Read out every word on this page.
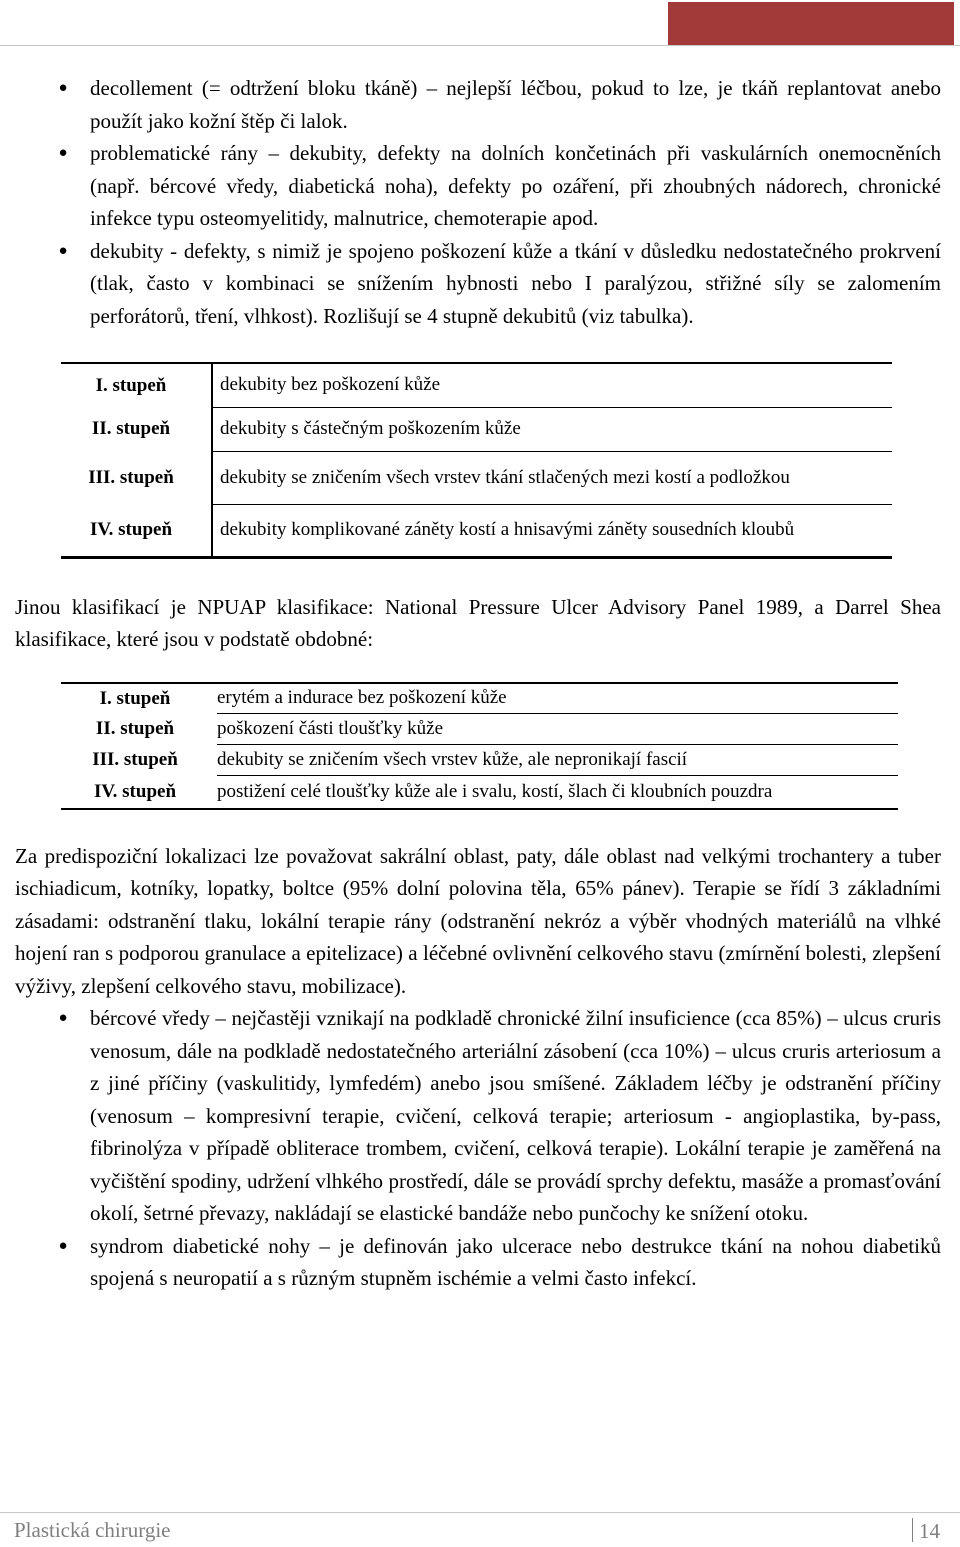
● decollement (= odtržení bloku tkáně) – nejlepší léčbou, pokud to lze, je tkáň replantovat anebo použít jako kožní štěp či lalok.
● problematické rány – dekubity, defekty na dolních končetinách při vaskulárních onemocněních (např. bércové vředy, diabetická noha), defekty po ozáření, při zhoubných nádorech, chronické infekce typu osteomyelitidy, malnutrice, chemoterapie apod.
● dekubity - defekty, s nimiž je spojeno poškození kůže a tkání v důsledku nedostatečného prokrvení (tlak, často v kombinaci se snížením hybnosti nebo I paralýzou, střižné síly se zalomením perforátorů, tření, vlhkost). Rozlišují se 4 stupně dekubitů (viz tabulka).
I. stupeň	dekubity bez poškození kůže
II. stupeň	dekubity s částečným poškozením kůže
III. stupeň	dekubity se zničením všech vrstev tkání stlačených mezi kostí a podložkou
IV. stupeň	dekubity komplikované záněty kostí a hnisavými záněty sousedních kloubů

Jinou klasifikací je NPUAP klasifikace: National Pressure Ulcer Advisory Panel 1989, a Darrel Shea klasifikace, které jsou v podstatě obdobné:

I. stupeň	erytém a indurace bez poškození kůže
II. stupeň	poškození části tloušťky kůže
III. stupeň	dekubity se zničením všech vrstev kůže, ale nepronikají fascií
IV. stupeň	postižení celé tloušťky kůže ale i svalu, kostí, šlach či kloubních pouzdra

Za predispoziční lokalizaci lze považovat sakrální oblast, paty, dále oblast nad velkými trochantery a tuber ischiadicum, kotníky, lopatky, boltce (95% dolní polovina těla, 65% pánev). Terapie se řídí 3 základními zásadami: odstranění tlaku, lokální terapie rány (odstranění nekróz a výběr vhodných materiálů na vlhké hojení ran s podporou granulace a epitelizace) a léčebné ovlivnění celkového stavu (zmírnění bolesti, zlepšení výživy, zlepšení celkového stavu, mobilizace).

● bércové vředy – nejčastěji vznikají na podkladě chronické žilní insuficience (cca 85%) – ulcus cruris venosum, dále na podkladě nedostatečného arteriální zásobení (cca 10%) – ulcus cruris arteriosum a z jiné příčiny (vaskulitidy, lymfedém) anebo jsou smíšené. Základem léčby je odstranění příčiny (venosum – kompresivní terapie, cvičení, celková terapie; arteriosum - angioplastika, by-pass, fibrinolýza v případě obliterace trombem, cvičení, celková terapie). Lokální terapie je zaměřená na vyčištění spodiny, udržení vlhkého prostředí, dále se provádí sprchy defektu, masáže a promasťování okolí, šetrné převazy, nakládají se elastické bandáže nebo punčochy ke snížení otoku.
● syndrom diabetické nohy – je definován jako ulcerace nebo destrukce tkání na nohou diabetiků spojená s neuropatií a s různým stupněm ischémie a velmi často infekcí.
Plastická chirurgie	14
